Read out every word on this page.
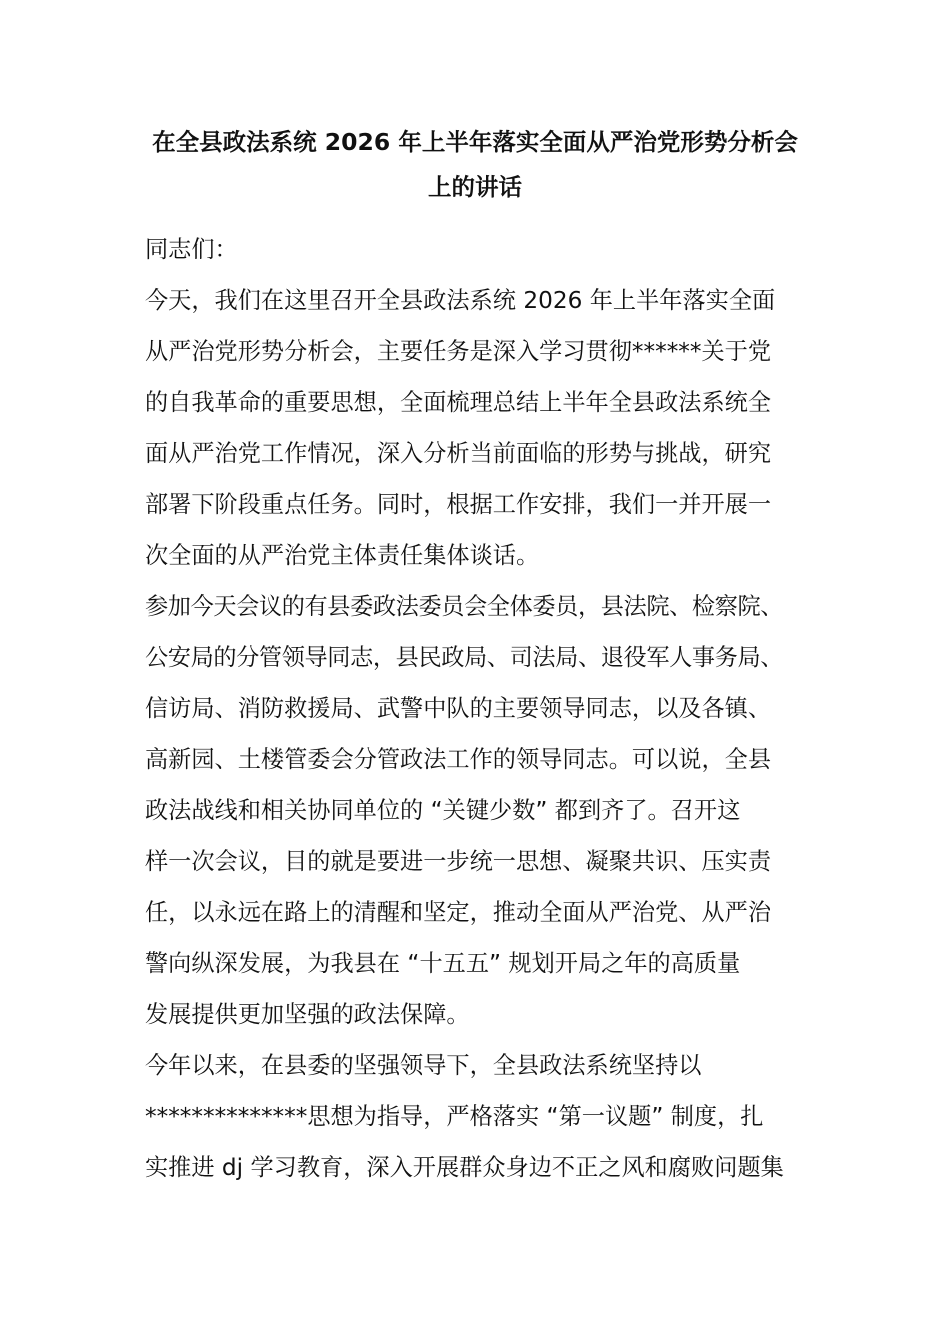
在全县政法系统 2026 年上半年落实全面从严治党形势分析会
上的讲话
同志们：
今天，我们在这里召开全县政法系统 2026 年上半年落实全面
从严治党形势分析会，主要任务是深入学习贯彻******关于党
的自我革命的重要思想，全面梳理总结上半年全县政法系统全
面从严治党工作情况，深入分析当前面临的形势与挑战，研究
部署下阶段重点任务。同时，根据工作安排，我们一并开展一
次全面的从严治党主体责任集体谈话。
参加今天会议的有县委政法委员会全体委员，县法院、检察院、
公安局的分管领导同志，县民政局、司法局、退役军人事务局、
信访局、消防救援局、武警中队的主要领导同志，以及各镇、
高新园、土楼管委会分管政法工作的领导同志。可以说，全县
政法战线和相关协同单位的 “关键少数” 都到齐了。召开这
样一次会议，目的就是要进一步统一思想、凝聚共识、压实责
任，以永远在路上的清醒和坚定，推动全面从严治党、从严治
警向纵深发展，为我县在 “十五五” 规划开局之年的高质量
发展提供更加坚强的政法保障。
今年以来，在县委的坚强领导下，全县政法系统坚持以
**************思想为指导，严格落实 “第一议题” 制度，扎
实推进 dj 学习教育，深入开展群众身边不正之风和腐败问题集
